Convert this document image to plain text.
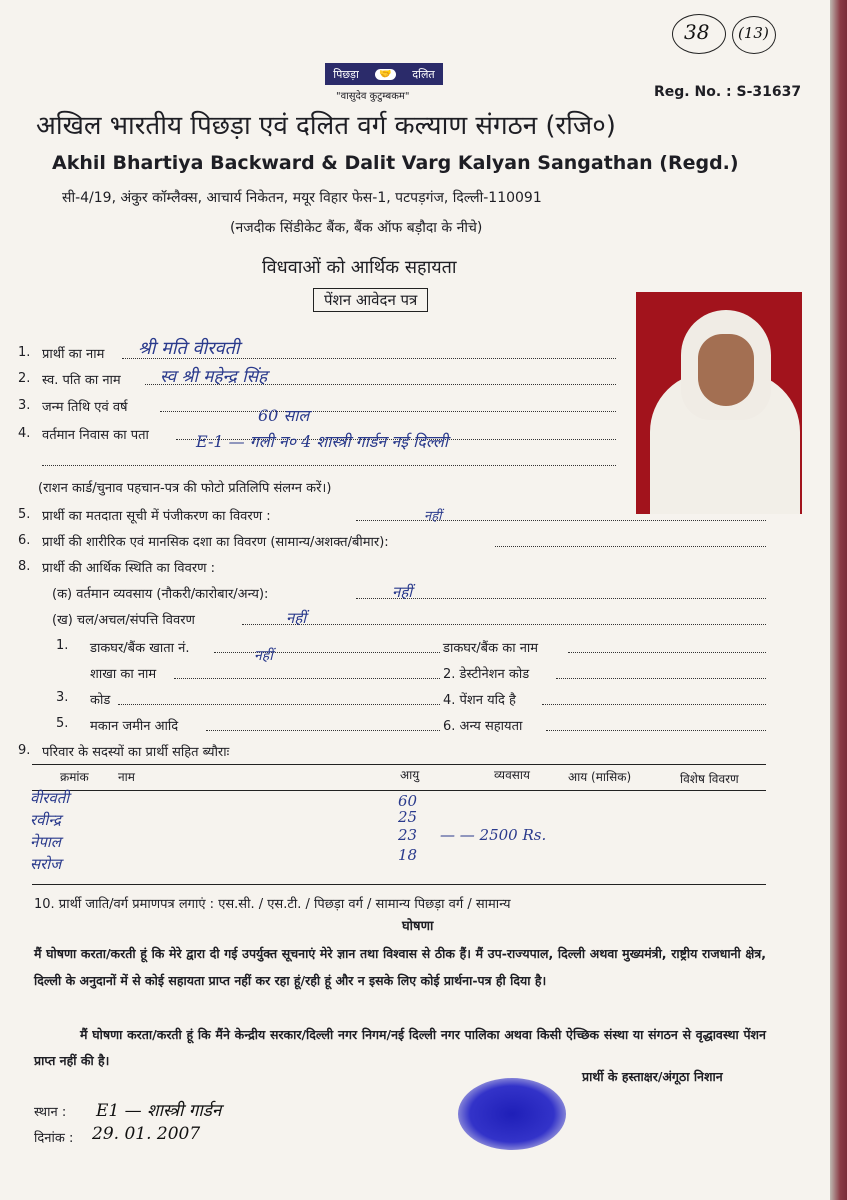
38 (13)
पिछड़ा	🤝	दलित
"वासुदेव कुटुम्बकम"	Reg. No. : S-31637
अखिल भारतीय पिछड़ा एवं दलित वर्ग कल्याण संगठन (रजि०)
Akhil Bhartiya Backward & Dalit Varg Kalyan Sangathan (Regd.)
सी-4/19, अंकुर कॉम्लैक्स, आचार्य निकेतन, मयूर विहार फेस-1, पटपड़गंज, दिल्ली-110091
(नजदीक सिंडीकेट बैंक, बैंक ऑफ बड़ौदा के नीचे)
विधवाओं को आर्थिक सहायता
पेंशन आवेदन पत्र
1.
2.
3.
4.
5.
6.
8.
9.
प्रार्थी का नाम श्री मति वीरवती
स्व. पति का नाम स्व श्री महेन्द्र सिंह
जन्म तिथि एवं वर्ष	60 साल
वर्तमान निवास का पता	E-1 — गली न० 4 शास्त्री गार्डन नई दिल्ली
(राशन कार्ड/चुनाव पहचान-पत्र की फोटो प्रतिलिपि संलग्न करें।)
प्रार्थी का मतदाता सूची में पंजीकरण का विवरण :	नहीं
प्रार्थी की शारीरिक एवं मानसिक दशा का विवरण (सामान्य/अशक्त/बीमार):
प्रार्थी की आर्थिक स्थिति का विवरण :
(क) वर्तमान व्यवसाय (नौकरी/कारोबार/अन्य):	नहीं
(ख) चल/अचल/संपत्ति विवरण	नहीं
1. डाकघर/बैंक खाता नं.	नहीं	डाकघर/बैंक का नाम
शाखा का नाम	2. डेस्टीनेशन कोड
3. कोड	4. पेंशन यदि है
5. मकान जमीन आदि	6. अन्य सहायता
परिवार के सदस्यों का प्रार्थी सहित ब्यौराः
क्रमांक नाम	आयु	व्यवसाय	आय (मासिक)	विशेष विवरण
वीरवती	60
रवीन्द्र	25
नेपाल	23 — — 2500 Rs.
सरोज	18
10. प्रार्थी जाति/वर्ग प्रमाणपत्र लगाएं : एस.सी. / एस.टी. / पिछड़ा वर्ग / सामान्य पिछड़ा वर्ग / सामान्य
घोषणा
मैं घोषणा करता/करती हूं कि मेरे द्वारा दी गई उपर्युक्त सूचनाएं मेरे ज्ञान तथा विश्वास से ठीक हैं। मैं उप-राज्यपाल, दिल्ली अथवा मुख्यमंत्री, राष्ट्रीय राजधानी क्षेत्र, दिल्ली के अनुदानों में से कोई सहायता प्राप्त नहीं कर रहा हूं/रही हूं और न इसके लिए कोई प्रार्थना-पत्र ही दिया है।
मैं घोषणा करता/करती हूं कि मैंने केन्द्रीय सरकार/दिल्ली नगर निगम/नई दिल्ली नगर पालिका अथवा किसी ऐच्छिक संस्था या संगठन से वृद्धावस्था पेंशन प्राप्त नहीं की है।
प्रार्थी के हस्ताक्षर/अंगूठा निशान
स्थान : E1 — शास्त्री गार्डन
दिनांक : 29. 01. 2007
